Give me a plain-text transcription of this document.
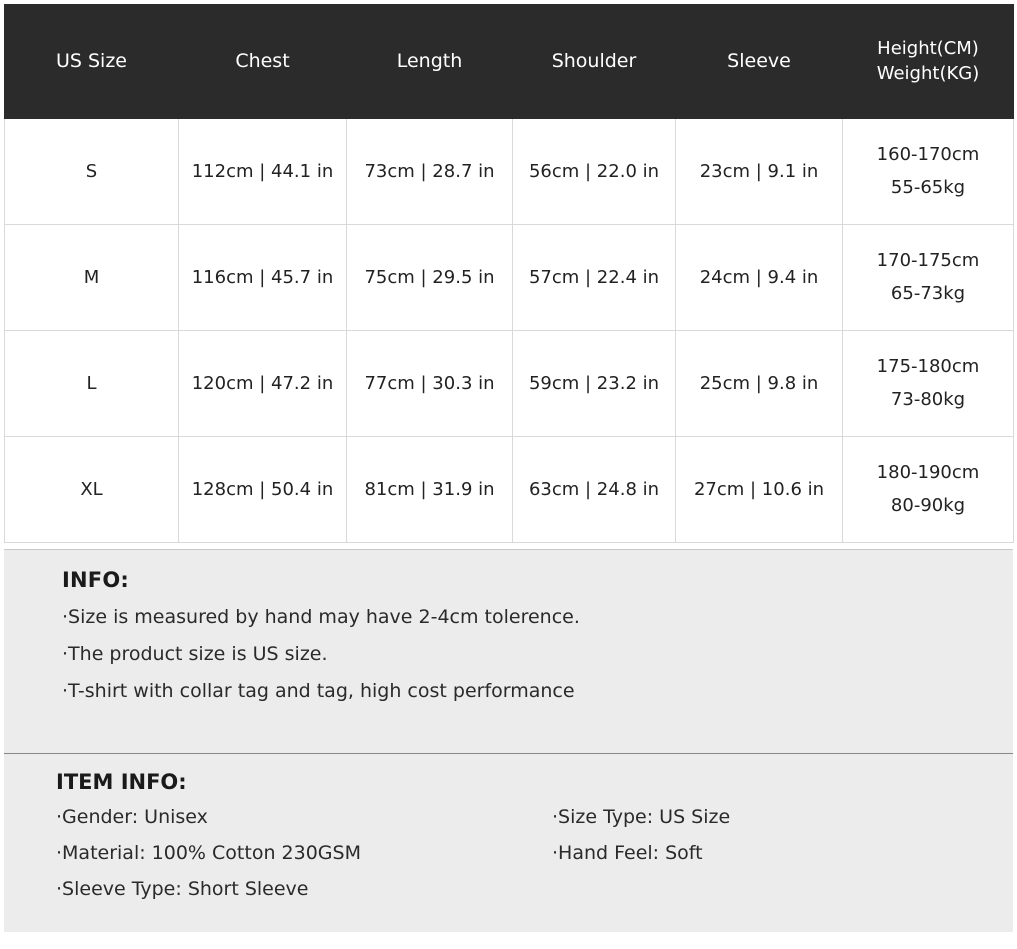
US Size	Chest	Length	Shoulder	Sleeve	Height(CM)
Weight(KG)

S	112cm | 44.1 in	73cm | 28.7 in	56cm | 22.0 in	23cm | 9.1 in	160-170cm
55-65kg

M	116cm | 45.7 in	75cm | 29.5 in	57cm | 22.4 in	24cm | 9.4 in	170-175cm
65-73kg

L	120cm | 47.2 in	77cm | 30.3 in	59cm | 23.2 in	25cm | 9.8 in	175-180cm
73-80kg

XL	128cm | 50.4 in	81cm | 31.9 in	63cm | 24.8 in	27cm | 10.6 in	180-190cm
80-90kg
INFO:
·Size is measured by hand may have 2-4cm tolerence.
·The product size is US size.
·T-shirt with collar tag and tag, high cost performance
ITEM INFO:
·Gender: Unisex
·Material: 100% Cotton 230GSM
·Sleeve Type: Short Sleeve
·Size Type: US Size
·Hand Feel: Soft
